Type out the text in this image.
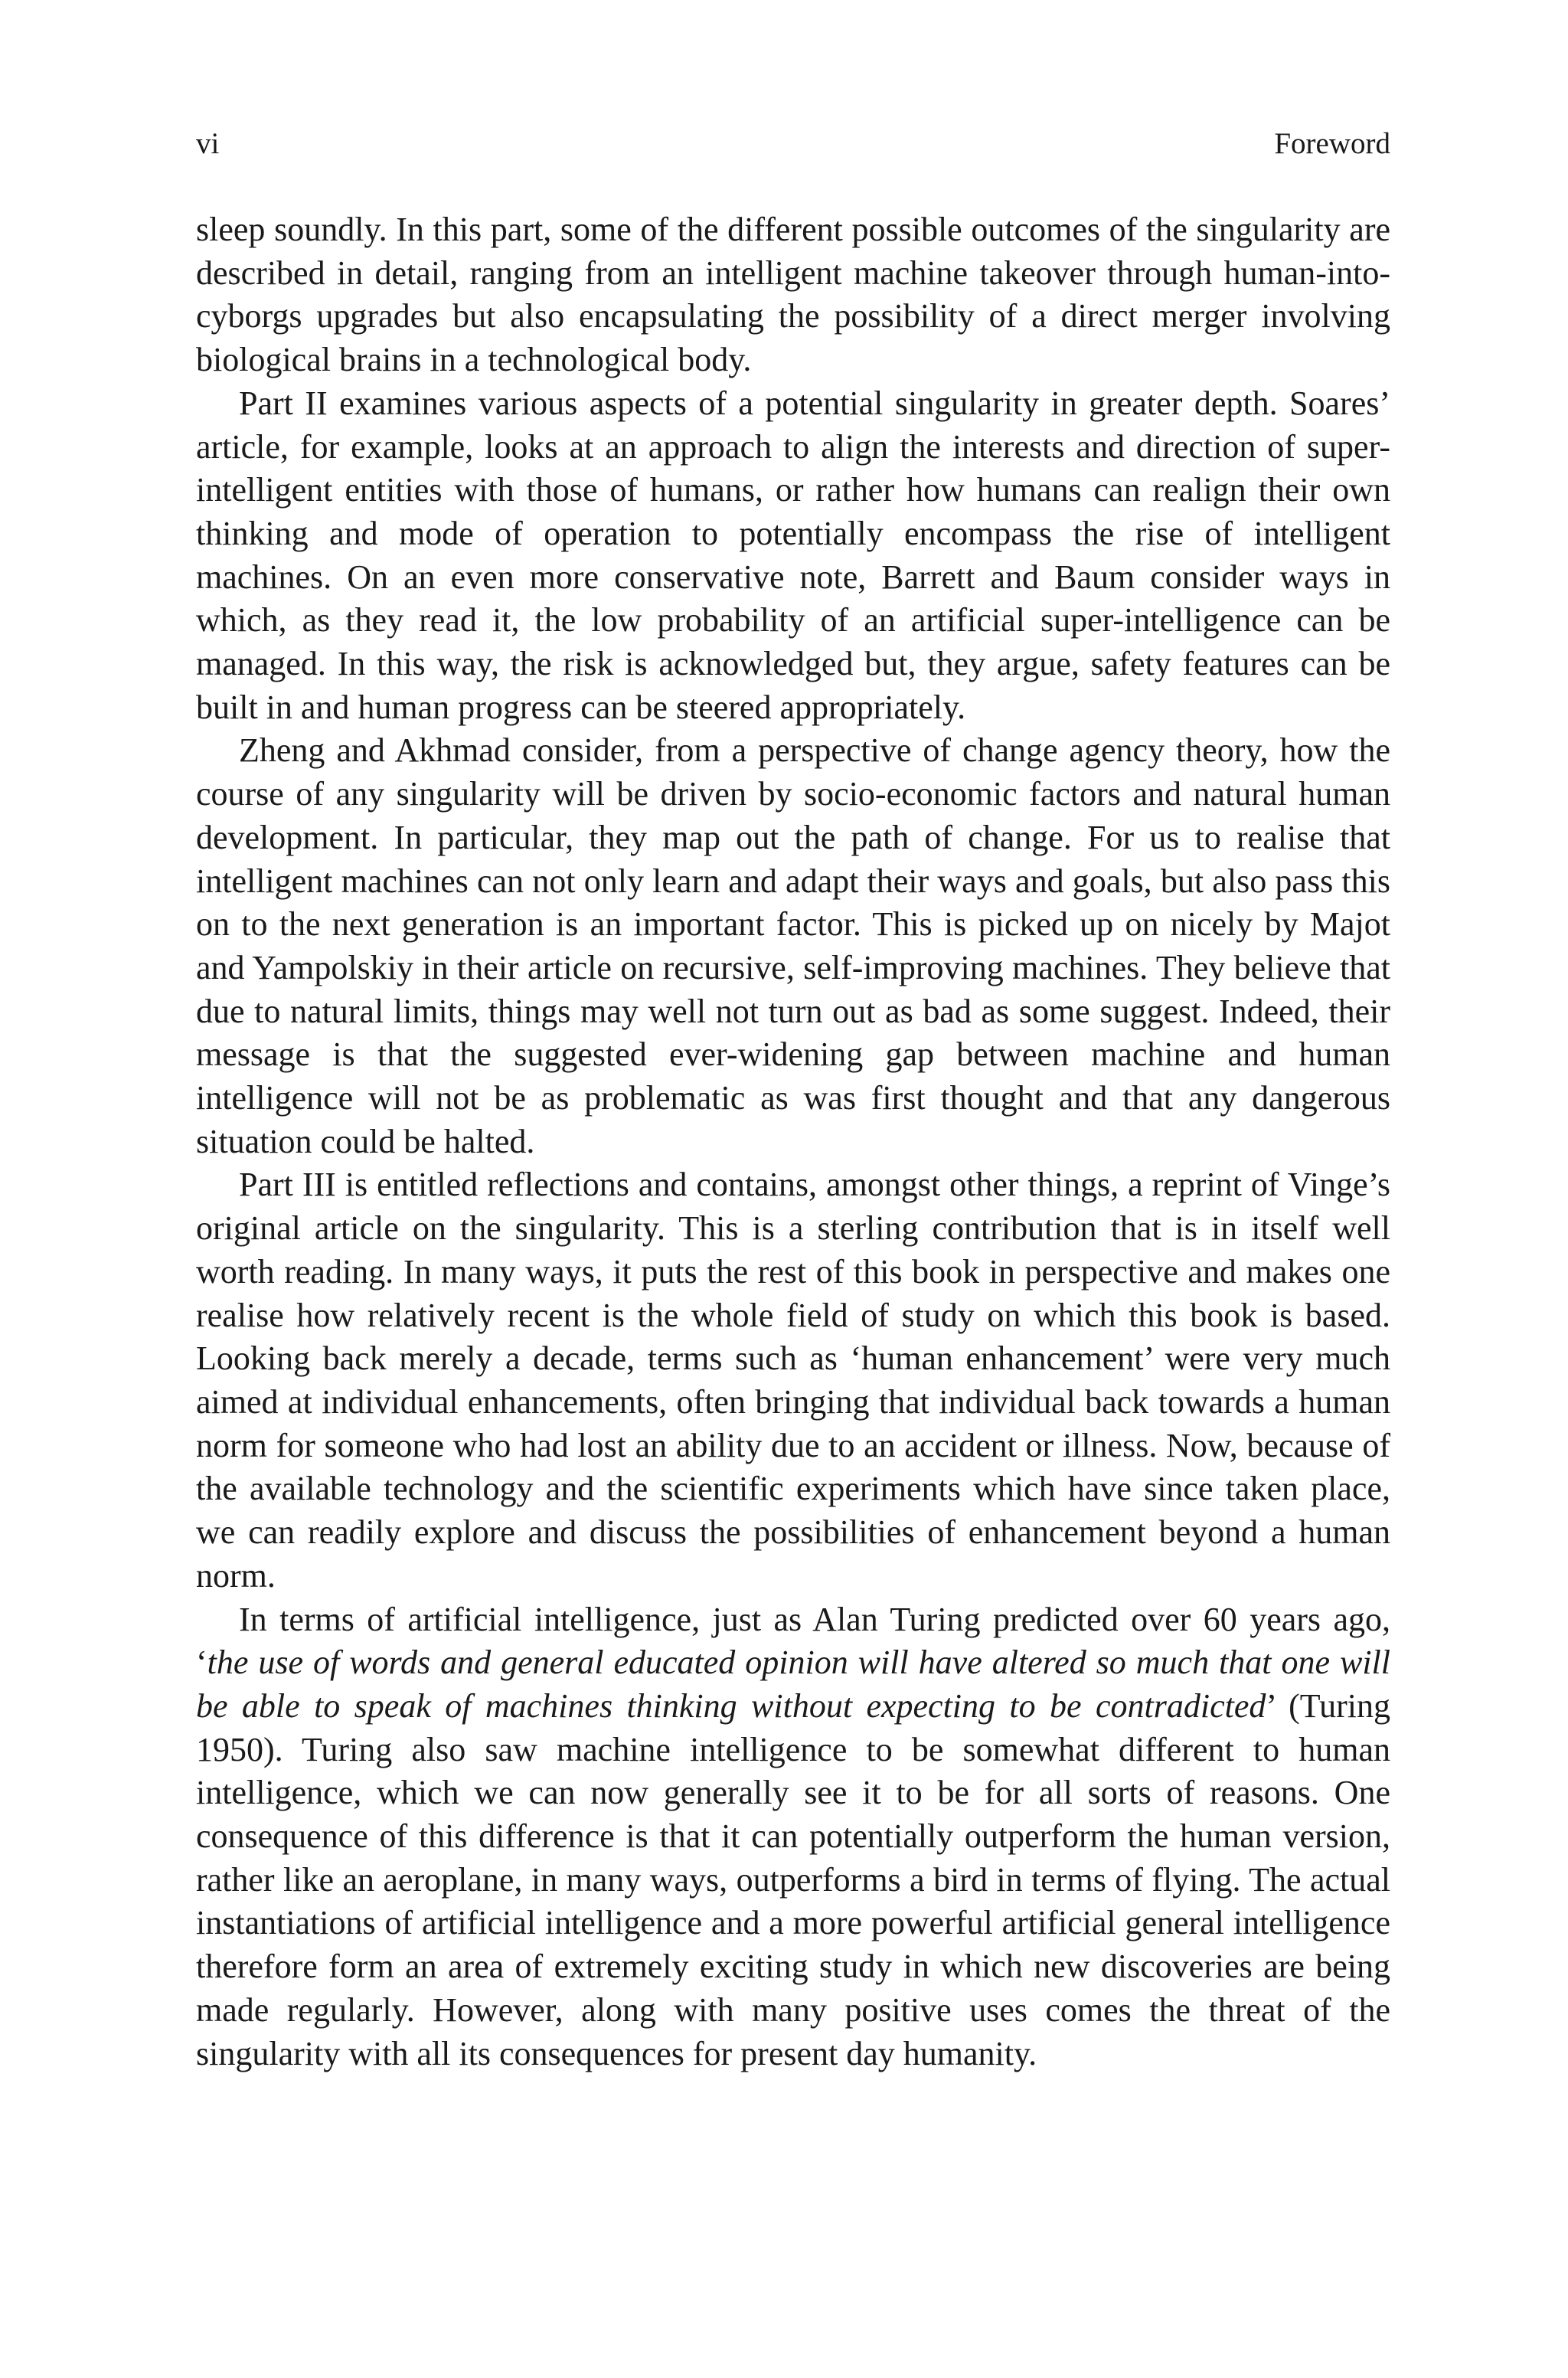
vi	Foreword

sleep soundly. In this part, some of the different possible outcomes of the singularity are described in detail, ranging from an intelligent machine takeover through human-into-cyborgs upgrades but also encapsulating the possibility of a direct merger involving biological brains in a technological body.

Part II examines various aspects of a potential singularity in greater depth. Soares’ article, for example, looks at an approach to align the interests and direction of super-intelligent entities with those of humans, or rather how humans can realign their own thinking and mode of operation to potentially encompass the rise of intelligent machines. On an even more conservative note, Barrett and Baum consider ways in which, as they read it, the low probability of an artificial super-intelligence can be managed. In this way, the risk is acknowledged but, they argue, safety features can be built in and human progress can be steered appropriately.

Zheng and Akhmad consider, from a perspective of change agency theory, how the course of any singularity will be driven by socio-economic factors and natural human development. In particular, they map out the path of change. For us to realise that intelligent machines can not only learn and adapt their ways and goals, but also pass this on to the next generation is an important factor. This is picked up on nicely by Majot and Yampolskiy in their article on recursive, self-improving machines. They believe that due to natural limits, things may well not turn out as bad as some suggest. Indeed, their message is that the suggested ever-widening gap between machine and human intelligence will not be as problematic as was first thought and that any dangerous situation could be halted.

Part III is entitled reflections and contains, amongst other things, a reprint of Vinge’s original article on the singularity. This is a sterling contribution that is in itself well worth reading. In many ways, it puts the rest of this book in perspective and makes one realise how relatively recent is the whole field of study on which this book is based. Looking back merely a decade, terms such as ‘human enhancement’ were very much aimed at individual enhancements, often bringing that individual back towards a human norm for someone who had lost an ability due to an accident or illness. Now, because of the available technology and the scientific experiments which have since taken place, we can readily explore and discuss the possibilities of enhancement beyond a human norm.

In terms of artificial intelligence, just as Alan Turing predicted over 60 years ago, ‘the use of words and general educated opinion will have altered so much that one will be able to speak of machines thinking without expecting to be contradicted’ (Turing 1950). Turing also saw machine intelligence to be somewhat different to human intelligence, which we can now generally see it to be for all sorts of reasons. One consequence of this difference is that it can potentially outperform the human version, rather like an aeroplane, in many ways, outperforms a bird in terms of flying. The actual instantiations of artificial intelligence and a more powerful artificial general intelligence therefore form an area of extremely exciting study in which new discoveries are being made regularly. However, along with many positive uses comes the threat of the singularity with all its consequences for present day humanity.
